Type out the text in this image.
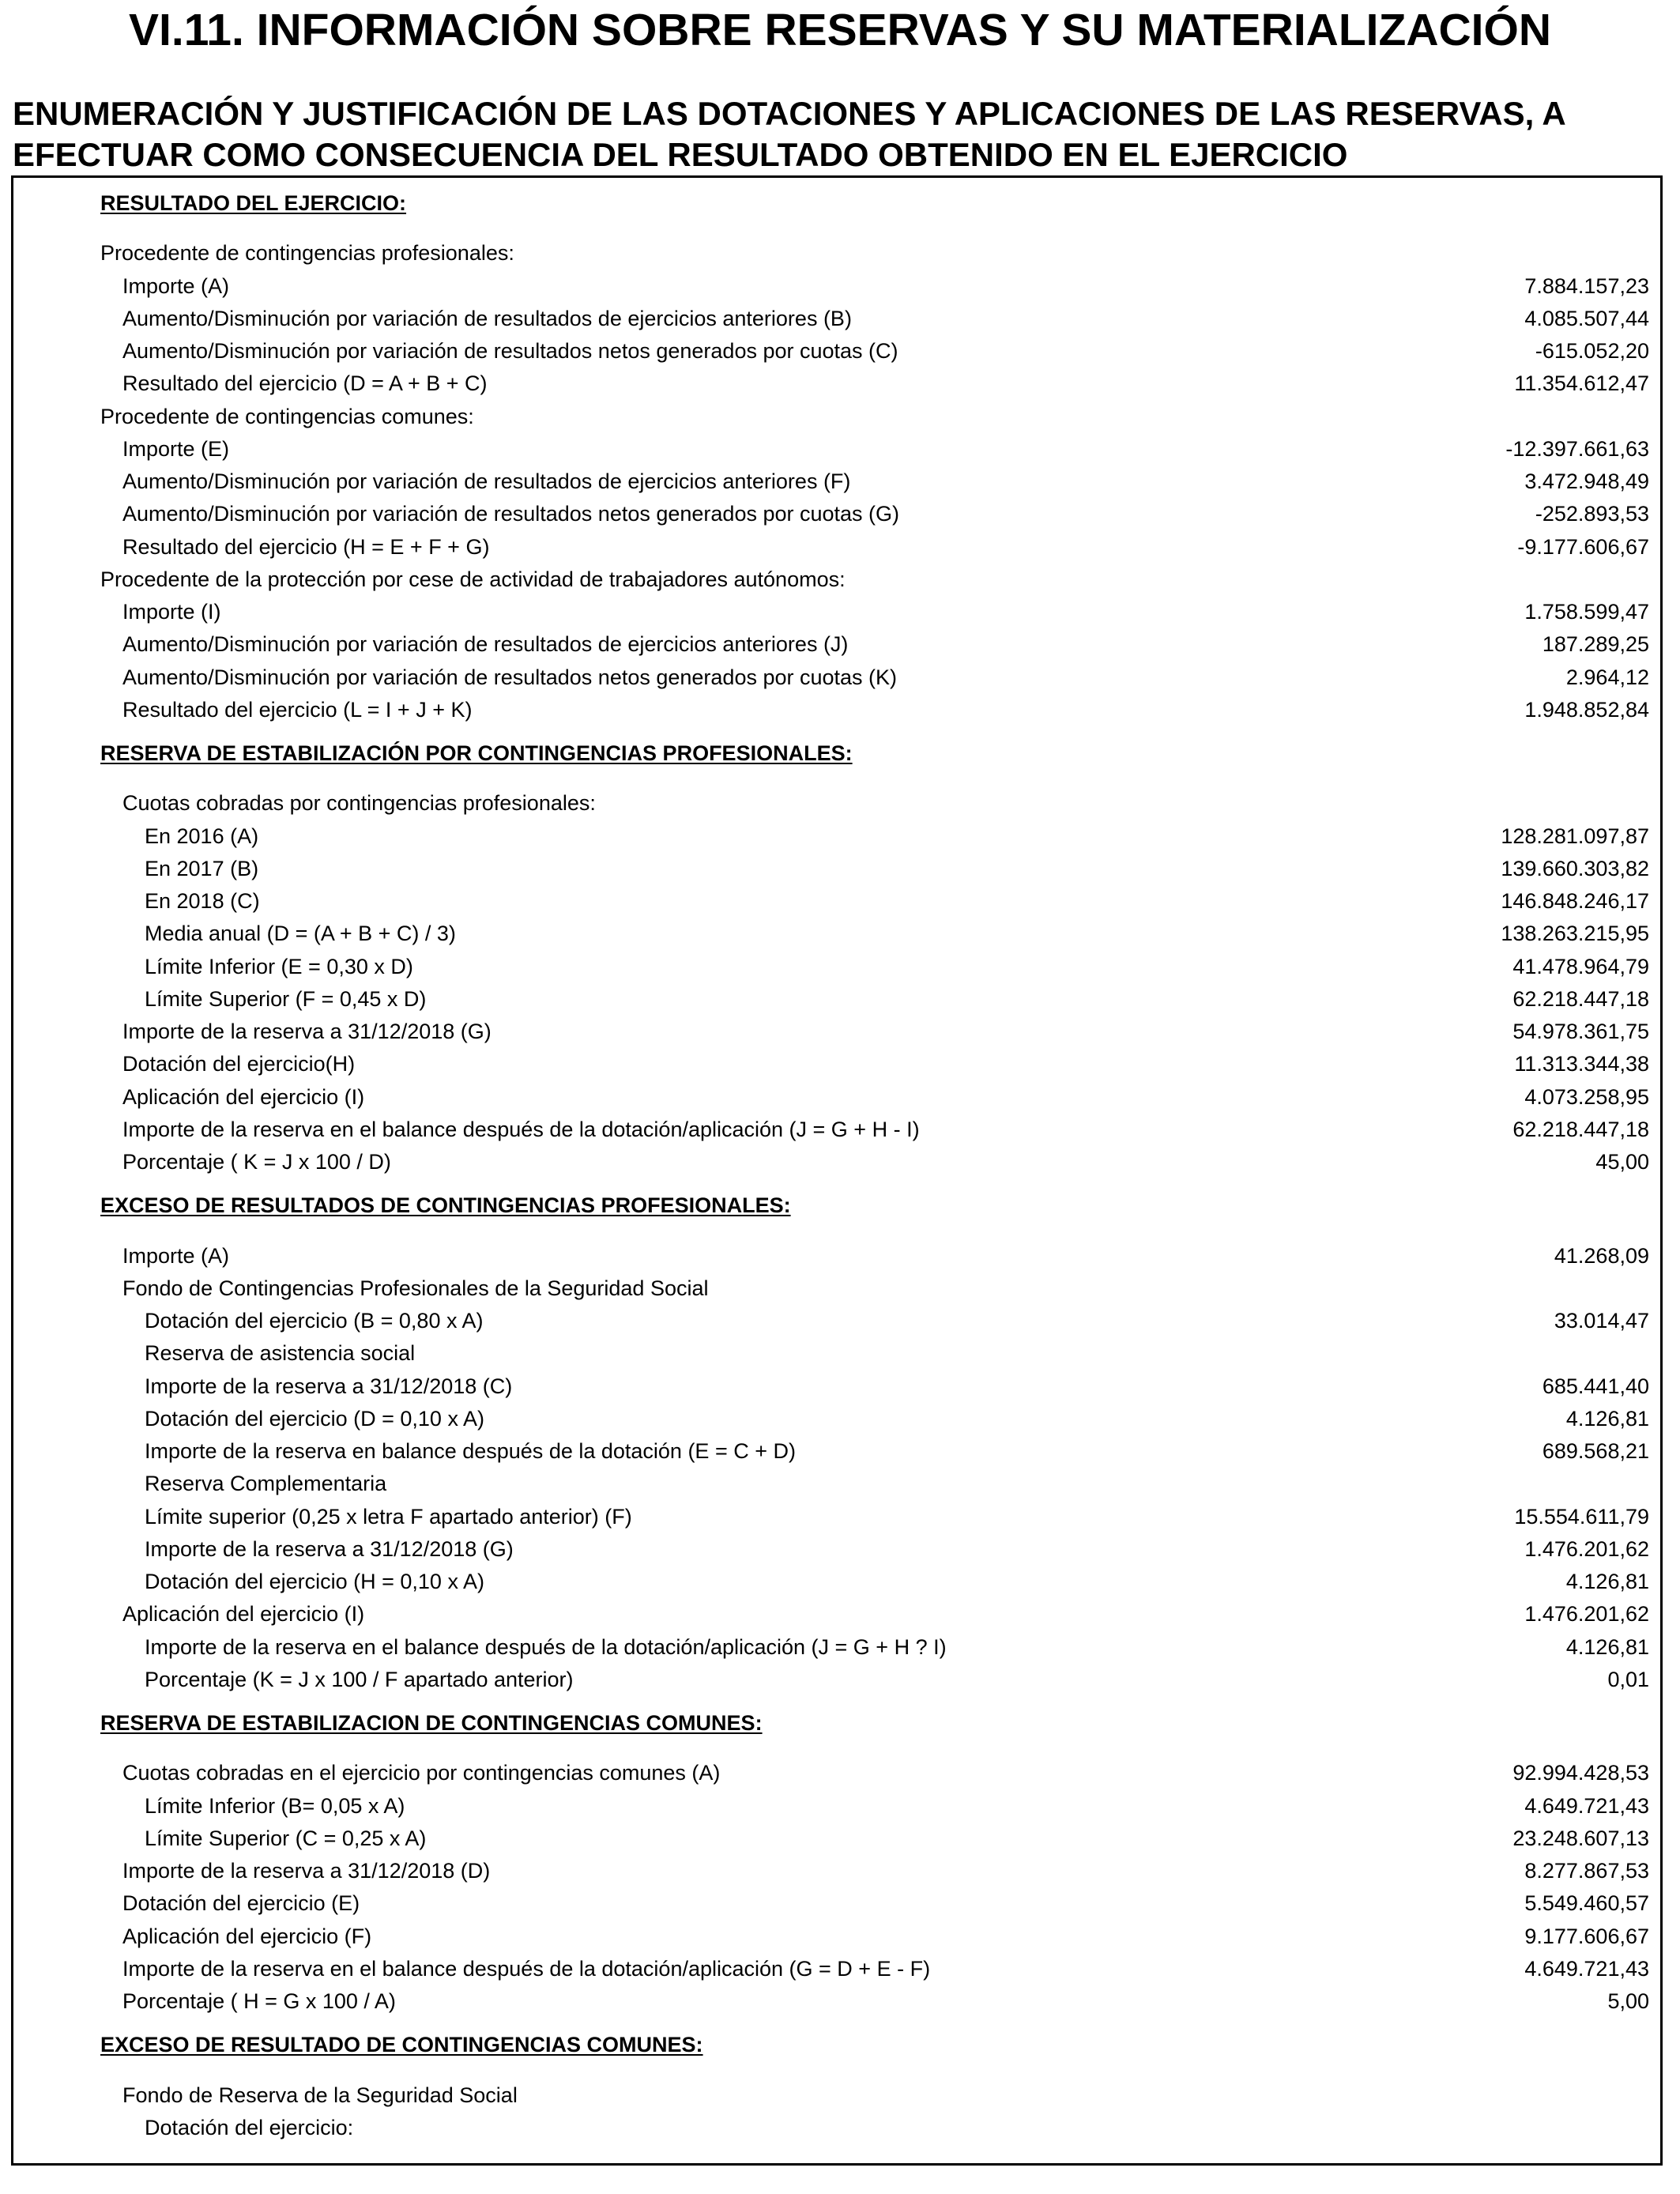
VI.11. INFORMACIÓN SOBRE RESERVAS Y SU MATERIALIZACIÓN
ENUMERACIÓN Y JUSTIFICACIÓN DE LAS DOTACIONES Y APLICACIONES DE LAS RESERVAS, A
EFECTUAR COMO CONSECUENCIA DEL RESULTADO OBTENIDO EN EL EJERCICIO
RESULTADO DEL EJERCICIO:
Procedente de contingencias profesionales:
Importe (A)	7.884.157,23
Aumento/Disminución por variación de resultados de ejercicios anteriores (B)	4.085.507,44
Aumento/Disminución por variación de resultados netos generados por cuotas (C)	-615.052,20
Resultado del ejercicio (D = A + B + C)	11.354.612,47
Procedente de contingencias comunes:
Importe (E)	-12.397.661,63
Aumento/Disminución por variación de resultados de ejercicios anteriores (F)	3.472.948,49
Aumento/Disminución por variación de resultados netos generados por cuotas (G)	-252.893,53
Resultado del ejercicio (H = E + F + G)	-9.177.606,67
Procedente de la protección por cese de actividad de trabajadores autónomos:
Importe (I)	1.758.599,47
Aumento/Disminución por variación de resultados de ejercicios anteriores (J)	187.289,25
Aumento/Disminución por variación de resultados netos generados por cuotas (K)	2.964,12
Resultado del ejercicio (L = I + J + K)	1.948.852,84
RESERVA DE ESTABILIZACIÓN POR CONTINGENCIAS PROFESIONALES:
Cuotas cobradas por contingencias profesionales:
En 2016 (A)	128.281.097,87
En 2017 (B)	139.660.303,82
En 2018 (C)	146.848.246,17
Media anual (D = (A + B + C) / 3)	138.263.215,95
Límite Inferior (E = 0,30 x D)	41.478.964,79
Límite Superior (F = 0,45 x D)	62.218.447,18
Importe de la reserva a 31/12/2018 (G)	54.978.361,75
Dotación del ejercicio(H)	11.313.344,38
Aplicación del ejercicio (I)	4.073.258,95
Importe de la reserva en el balance después de la dotación/aplicación (J = G + H - I)	62.218.447,18
Porcentaje ( K = J x 100 / D)	45,00
EXCESO DE RESULTADOS DE CONTINGENCIAS PROFESIONALES:
Importe (A)	41.268,09
Fondo de Contingencias Profesionales de la Seguridad Social
Dotación del ejercicio (B = 0,80 x A)	33.014,47
Reserva de asistencia social
Importe de la reserva a 31/12/2018 (C)	685.441,40
Dotación del ejercicio (D = 0,10 x A)	4.126,81
Importe de la reserva en balance después de la dotación (E = C + D)	689.568,21
Reserva Complementaria
Límite superior (0,25 x letra F apartado anterior) (F)	15.554.611,79
Importe de la reserva a 31/12/2018 (G)	1.476.201,62
Dotación del ejercicio (H = 0,10 x A)	4.126,81
Aplicación del ejercicio (I)	1.476.201,62
Importe de la reserva en el balance después de la dotación/aplicación (J = G + H ? I)	4.126,81
Porcentaje (K = J x 100 / F apartado anterior)	0,01
RESERVA DE ESTABILIZACION DE CONTINGENCIAS COMUNES:
Cuotas cobradas en el ejercicio por contingencias comunes (A)	92.994.428,53
Límite Inferior (B= 0,05 x A)	4.649.721,43
Límite Superior (C = 0,25 x A)	23.248.607,13
Importe de la reserva a 31/12/2018 (D)	8.277.867,53
Dotación del ejercicio (E)	5.549.460,57
Aplicación del ejercicio (F)	9.177.606,67
Importe de la reserva en el balance después de la dotación/aplicación (G = D + E - F)	4.649.721,43
Porcentaje ( H = G x 100 / A)	5,00
EXCESO DE RESULTADO DE CONTINGENCIAS COMUNES:
Fondo de Reserva de la Seguridad Social
Dotación del ejercicio:
